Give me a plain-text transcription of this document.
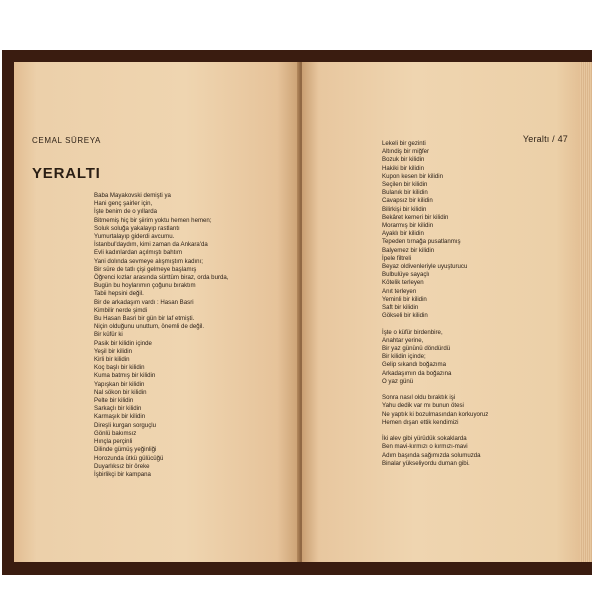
CEMAL SÜREYA
YERALTI
Baba Mayakovski demişti ya
Hani genç şairler için,
İşte benim de o yıllarda
Bitmemiş hiç bir şiirim yoktu hemen hemen;
Soluk soluğa yakalayıp rastlantı
Yumurtalayıp giderdi avcumu.
İstanbul'daydım, kimi zaman da Ankara'da
Evli kadınlardan açılmıştı bahtım
Yani dolında sevmeye alışmıştım kadını;
Bir süre de tatlı çişi gelmeye başlamış
Öğrenci kızlar arasında sürttüm biraz, orda burda,
Bugün bu hoylarımın çoğunu bıraktım
Tabii hepsini değil.
Bir de arkadaşım vardı : Hasan Basri
Kimbilir nerde şimdi
Bu Hasan Basri bir gün bir laf etmişti.
Niçin olduğunu unuttum, önemli de değil.
Bir küfür ki
Pasik bir kilidin içinde
Yeşil bir kilidin
Kirli bir kilidin
Koç başlı bir kilidin
Kuma batmış bir kilidin
Yapışkan bir kilidin
Nal sökon bir kilidin
Pelte bir kilidin
Sarkaçlı bir kilidin
Karmaşık bir kilidin
Direşli kurgan sorguçlu
Gönlü bakımsız
Hınçla perçinli
Dilinde gümüş yeğinliği
Horozunda ütkü gülücüğü
Duyarlıksız bir öreke
İşbirlikçi bir kampana
Yeraltı / 47
Lekeli bir gezinti
Altındiş bir miğfer
Bozuk bir kilidin
Hakiki bir kilidin
Kupon kesen bir kilidin
Seçilen bir kilidin
Bulanık bir kilidin
Cavapsız bir kilidin
Bilirkişi bir kilidin
Bekâret kemeri bir kilidin
Morarmış bir kilidin
Ayaklı bir kilidin
Tepeden tırnağa pusatlanmış
Balyemez bir kilidin
İpele filtreli
Beyaz oldivenleriyle uyuşturucu
Bulbulüye sayaçlı
Kötelik terleyen
Anıt terleyen
Yeminli bir kilidin
Saft bir kilidin
Gökseli bir kilidin
İşte o küfür birdenbire,
Anahtar yerine,
Bir yaz gününü döndürdü
Bir kilidin içinde;
Gelip sıkandı boğazıma
Arkadaşımın da boğazına
O yaz günü
Sonra nasıl oldu bıraktık işi
Yahu dedik var mı bunun ötesi
Ne yaptık ki bozulmasından korkuyoruz
Hemen dışarı ettik kendimizi
İki alev gibi yürüdük sokaklarda
Ben mavi-kırmızı o kırmızı-mavi
Adım başında sağımızda solumuzda
Binalar yükseliyordu duman gibi.
